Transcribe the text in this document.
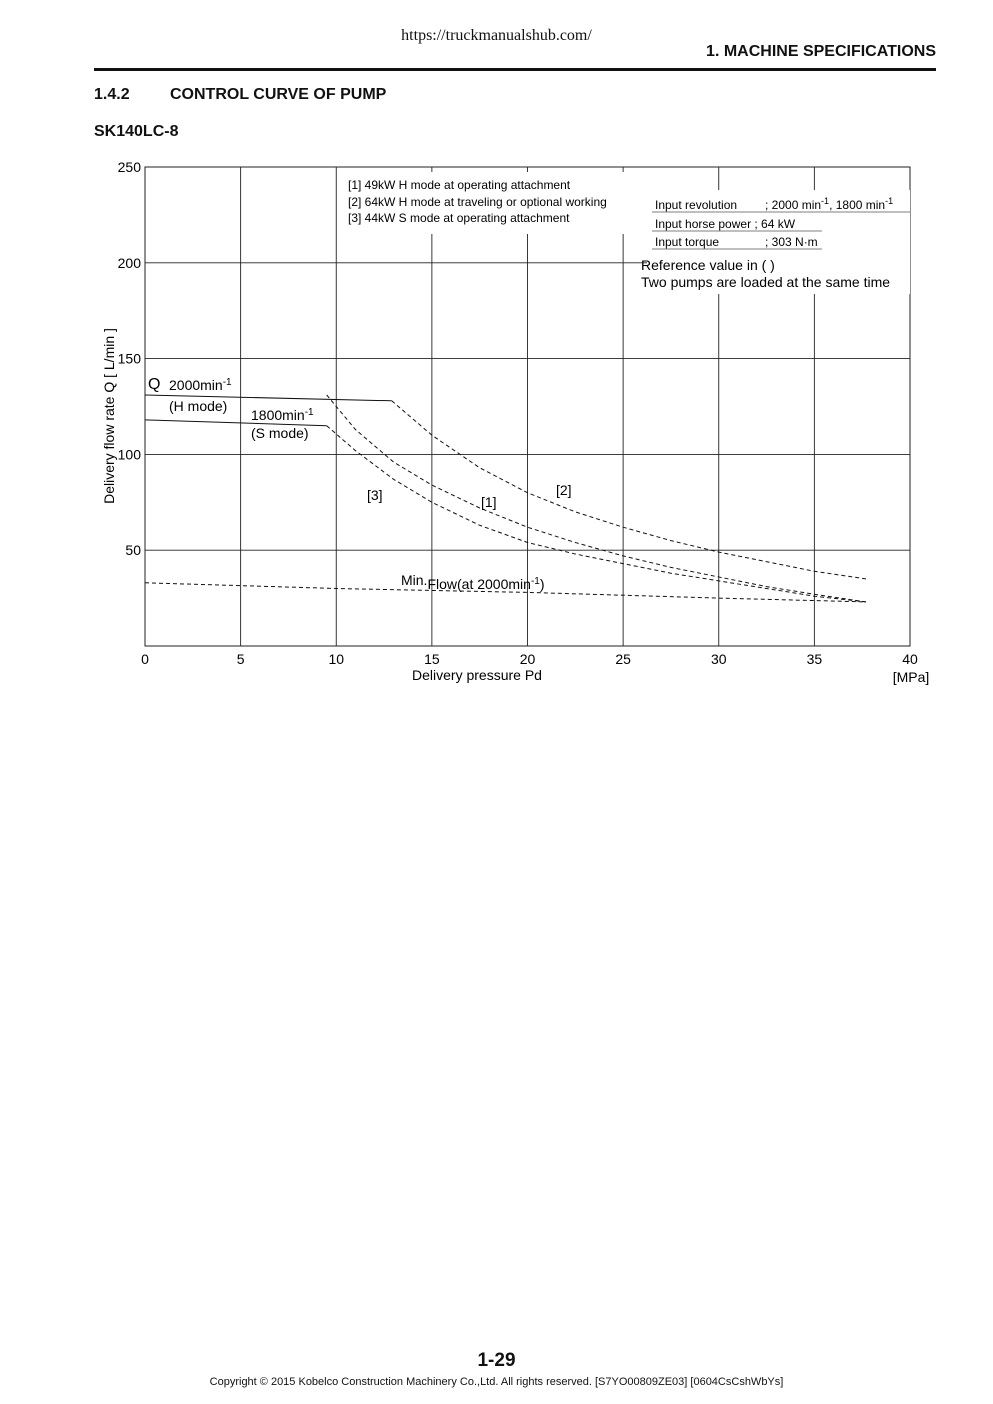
https://truckmanualshub.com/
1. MACHINE SPECIFICATIONS
1.4.2	CONTROL CURVE OF PUMP
SK140LC-8
0	5	10	15	20	25	30	35	40
50
100
150
200
250
[1] 49kW H mode at operating attachment
[2] 64kW H mode at traveling or optional working
[3] 44kW S mode at operating attachment
Input revolution ; 2000 $\min^{-1}$, 1800 $\min^{-1}$
Input horse power ; 64 kW
Input torque	; 303 N·m
Reference value in ( )
Two pumps are loaded at the same time
Q $2000\min^{-1}$
(H mode)
$1800\min^{-1}$
(S mode)
[1]
[2]
[3]
Min.Flow(at $2000\min^{-1}$)
Delivery pressure Pd	[MPa]
Delivery flow rate Q [ L/min ]
1-29
Copyright © 2015 Kobelco Construction Machinery Co.,Ltd. All rights reserved. [S7YO00809ZE03] [0604CsCshWbYs]
